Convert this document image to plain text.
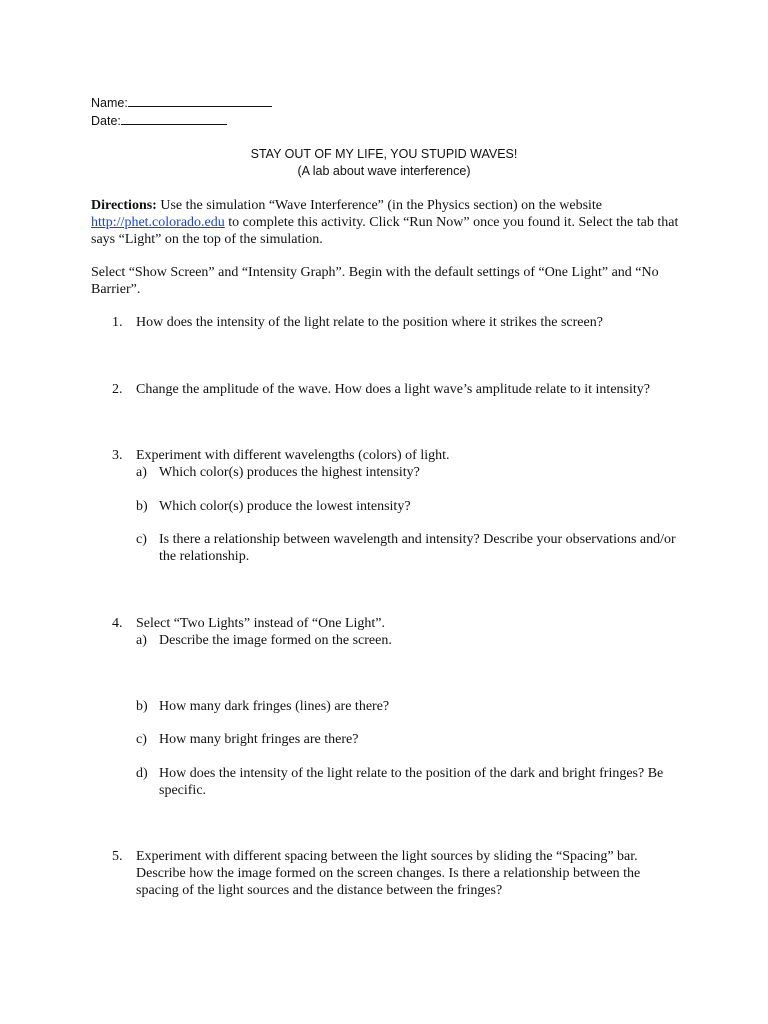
Name:
Date:
STAY OUT OF MY LIFE, YOU STUPID WAVES!
(A lab about wave interference)
Directions: Use the simulation “Wave Interference” (in the Physics section) on the website http://phet.colorado.edu to complete this activity. Click “Run Now” once you found it. Select the tab that says “Light” on the top of the simulation.
Select “Show Screen” and “Intensity Graph”. Begin with the default settings of “One Light” and “No Barrier”.
1. How does the intensity of the light relate to the position where it strikes the screen?
2. Change the amplitude of the wave. How does a light wave’s amplitude relate to it intensity?
3. Experiment with different wavelengths (colors) of light.
a) Which color(s) produces the highest intensity?
b) Which color(s) produce the lowest intensity?
c) Is there a relationship between wavelength and intensity? Describe your observations and/or the relationship.
4. Select “Two Lights” instead of “One Light”.
a) Describe the image formed on the screen.
b) How many dark fringes (lines) are there?
c) How many bright fringes are there?
d) How does the intensity of the light relate to the position of the dark and bright fringes? Be specific.
5. Experiment with different spacing between the light sources by sliding the “Spacing” bar. Describe how the image formed on the screen changes. Is there a relationship between the spacing of the light sources and the distance between the fringes?
